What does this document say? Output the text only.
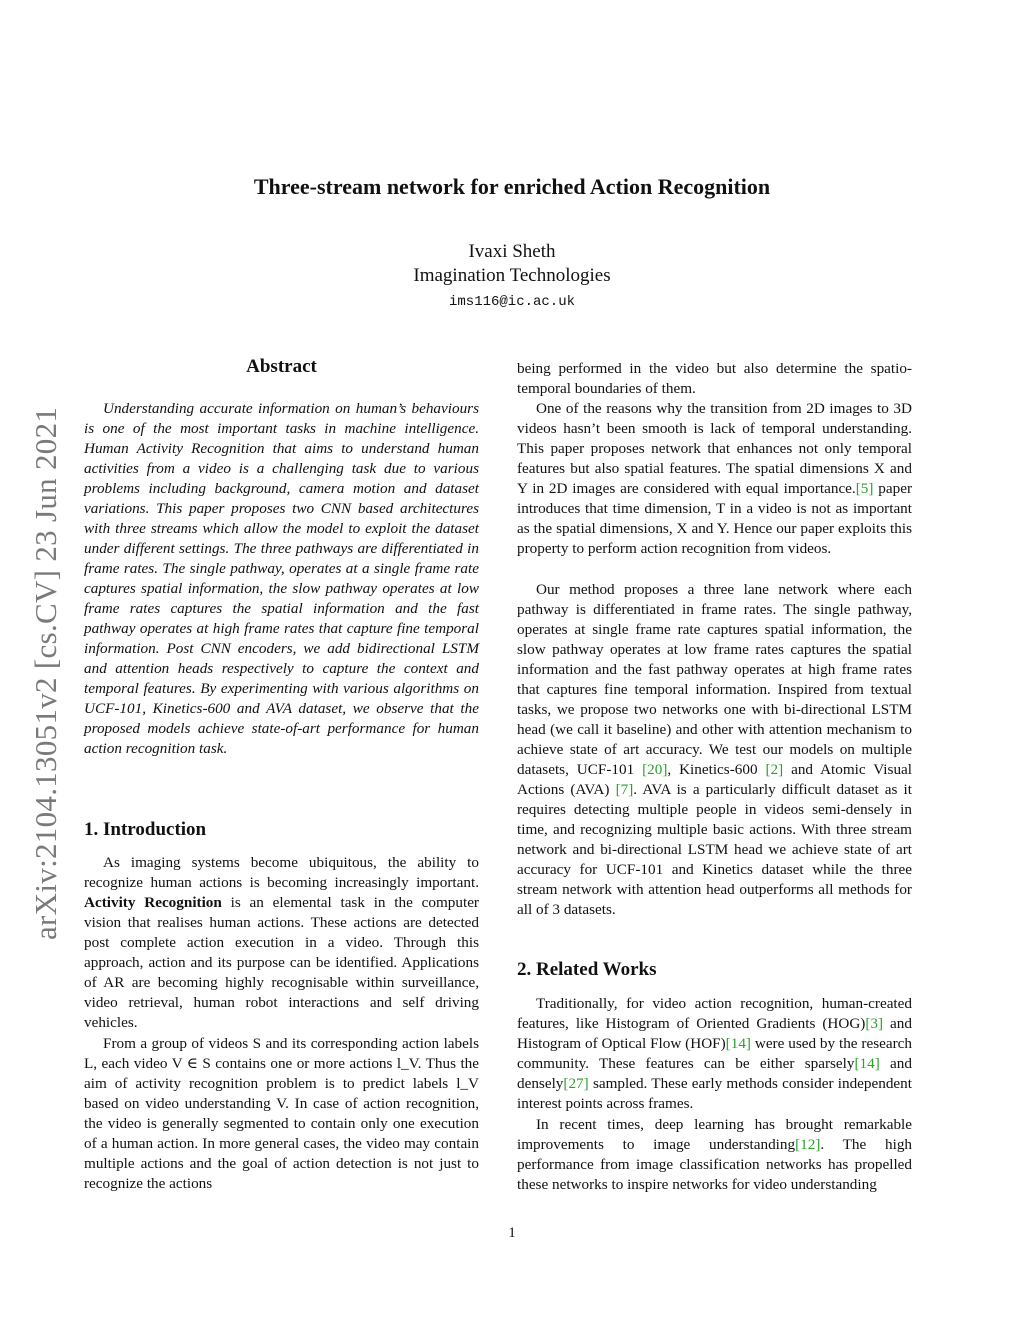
arXiv:2104.13051v2 [cs.CV] 23 Jun 2021
Three-stream network for enriched Action Recognition
Ivaxi Sheth
Imagination Technologies
ims116@ic.ac.uk
Abstract

Understanding accurate information on human’s behaviours is one of the most important tasks in machine intelligence. Human Activity Recognition that aims to understand human activities from a video is a challenging task due to various problems including background, camera motion and dataset variations. This paper proposes two CNN based architectures with three streams which allow the model to exploit the dataset under different settings. The three pathways are differentiated in frame rates. The single pathway, operates at a single frame rate captures spatial information, the slow pathway operates at low frame rates captures the spatial information and the fast pathway operates at high frame rates that capture fine temporal information. Post CNN encoders, we add bidirectional LSTM and attention heads respectively to capture the context and temporal features. By experimenting with various algorithms on UCF-101, Kinetics-600 and AVA dataset, we observe that the proposed models achieve state-of-art performance for human action recognition task.

1. Introduction

As imaging systems become ubiquitous, the ability to recognize human actions is becoming increasingly important. Activity Recognition is an elemental task in the computer vision that realises human actions. These actions are detected post complete action execution in a video. Through this approach, action and its purpose can be identified. Applications of AR are becoming highly recognisable within surveillance, video retrieval, human robot interactions and self driving vehicles.

From a group of videos S and its corresponding action labels L, each video V ∈ S contains one or more actions l_V. Thus the aim of activity recognition problem is to predict labels l_V based on video understanding V. In case of action recognition, the video is generally segmented to contain only one execution of a human action. In more general cases, the video may contain multiple actions and the goal of action detection is not just to recognize the actions

being performed in the video but also determine the spatio-temporal boundaries of them.

One of the reasons why the transition from 2D images to 3D videos hasn’t been smooth is lack of temporal understanding. This paper proposes network that enhances not only temporal features but also spatial features. The spatial dimensions X and Y in 2D images are considered with equal importance.[5] paper introduces that time dimension, T in a video is not as important as the spatial dimensions, X and Y. Hence our paper exploits this property to perform action recognition from videos.

Our method proposes a three lane network where each pathway is differentiated in frame rates. The single pathway, operates at single frame rate captures spatial information, the slow pathway operates at low frame rates captures the spatial information and the fast pathway operates at high frame rates that captures fine temporal information. Inspired from textual tasks, we propose two networks one with bi-directional LSTM head (we call it baseline) and other with attention mechanism to achieve state of art accuracy. We test our models on multiple datasets, UCF-101 [20], Kinetics-600 [2] and Atomic Visual Actions (AVA) [7]. AVA is a particularly difficult dataset as it requires detecting multiple people in videos semi-densely in time, and recognizing multiple basic actions. With three stream network and bi-directional LSTM head we achieve state of art accuracy for UCF-101 and Kinetics dataset while the three stream network with attention head outperforms all methods for all of 3 datasets.

2. Related Works

Traditionally, for video action recognition, human-created features, like Histogram of Oriented Gradients (HOG)[3] and Histogram of Optical Flow (HOF)[14] were used by the research community. These features can be either sparsely[14] and densely[27] sampled. These early methods consider independent interest points across frames.

In recent times, deep learning has brought remarkable improvements to image understanding[12]. The high performance from image classification networks has propelled these networks to inspire networks for video understanding

1
